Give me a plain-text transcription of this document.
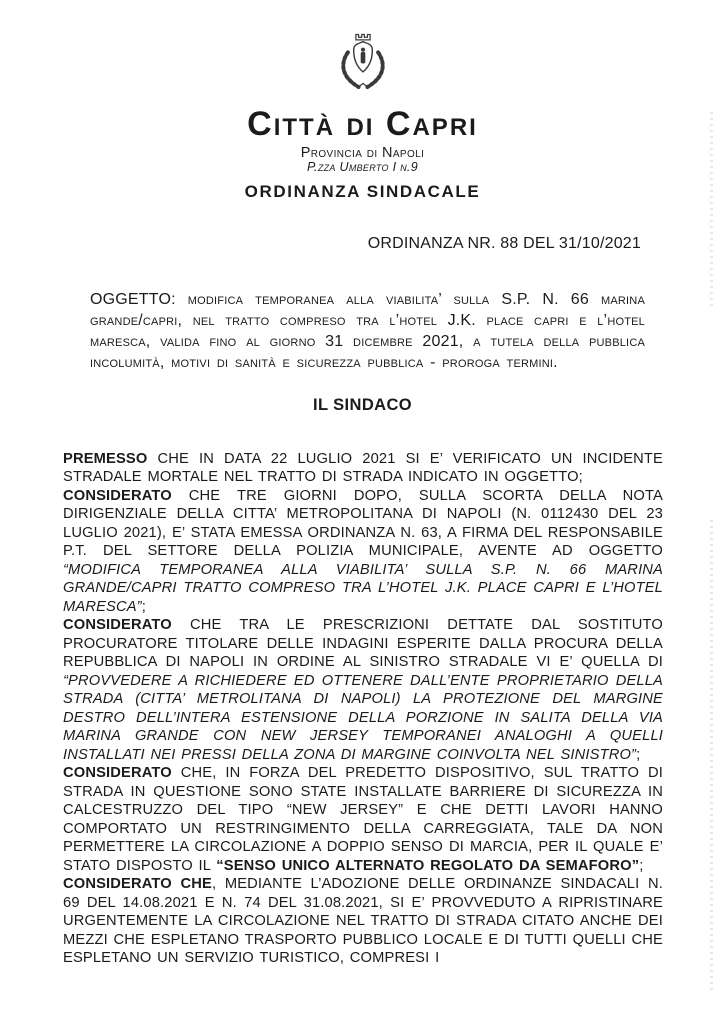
Città di Capri
Provincia di Napoli
P.zza Umberto I n.9
ORDINANZA SINDACALE
ORDINANZA NR. 88 DEL 31/10/2021
OGGETTO: modifica temporanea alla viabilita’ sulla S.P. N. 66 marina grande/capri, nel tratto compreso tra l’hotel J.K. place capri e l’hotel maresca, valida fino al giorno 31 dicembre 2021, a tutela della pubblica incolumità, motivi di sanità e sicurezza pubblica - proroga termini.
IL SINDACO

PREMESSO CHE IN DATA 22 LUGLIO 2021 SI E’ VERIFICATO UN INCIDENTE STRADALE MORTALE NEL TRATTO DI STRADA INDICATO IN OGGETTO;

CONSIDERATO CHE TRE GIORNI DOPO, SULLA SCORTA DELLA NOTA DIRIGENZIALE DELLA CITTA’ METROPOLITANA DI NAPOLI (N. 0112430 DEL 23 LUGLIO 2021), E’ STATA EMESSA ORDINANZA N. 63, A FIRMA DEL RESPONSABILE P.T. DEL SETTORE DELLA POLIZIA MUNICIPALE, AVENTE AD OGGETTO “MODIFICA TEMPORANEA ALLA VIABILITA’ SULLA S.P. N. 66 MARINA GRANDE/CAPRI TRATTO COMPRESO TRA L’HOTEL J.K. PLACE CAPRI E L’HOTEL MARESCA”;

CONSIDERATO CHE TRA LE PRESCRIZIONI DETTATE DAL SOSTITUTO PROCURATORE TITOLARE DELLE INDAGINI ESPERITE DALLA PROCURA DELLA REPUBBLICA DI NAPOLI IN ORDINE AL SINISTRO STRADALE VI E’ QUELLA DI “PROVVEDERE A RICHIEDERE ED OTTENERE DALL’ENTE PROPRIETARIO DELLA STRADA (CITTA’ METROLITANA DI NAPOLI) LA PROTEZIONE DEL MARGINE DESTRO DELL’INTERA ESTENSIONE DELLA PORZIONE IN SALITA DELLA VIA MARINA GRANDE CON NEW JERSEY TEMPORANEI ANALOGHI A QUELLI INSTALLATI NEI PRESSI DELLA ZONA DI MARGINE COINVOLTA NEL SINISTRO”;

CONSIDERATO CHE, IN FORZA DEL PREDETTO DISPOSITIVO, SUL TRATTO DI STRADA IN QUESTIONE SONO STATE INSTALLATE BARRIERE DI SICUREZZA IN CALCESTRUZZO DEL TIPO “NEW JERSEY” E CHE DETTI LAVORI HANNO COMPORTATO UN RESTRINGIMENTO DELLA CARREGGIATA, TALE DA NON PERMETTERE LA CIRCOLAZIONE A DOPPIO SENSO DI MARCIA, PER IL QUALE E’ STATO DISPOSTO IL “SENSO UNICO ALTERNATO REGOLATO DA SEMAFORO”;

CONSIDERATO CHE, MEDIANTE L’ADOZIONE DELLE ORDINANZE SINDACALI N. 69 DEL 14.08.2021 E N. 74 DEL 31.08.2021, SI E’ PROVVEDUTO A RIPRISTINARE URGENTEMENTE LA CIRCOLAZIONE NEL TRATTO DI STRADA CITATO ANCHE DEI MEZZI CHE ESPLETANO TRASPORTO PUBBLICO LOCALE E DI TUTTI QUELLI CHE ESPLETANO UN SERVIZIO TURISTICO, COMPRESI I
